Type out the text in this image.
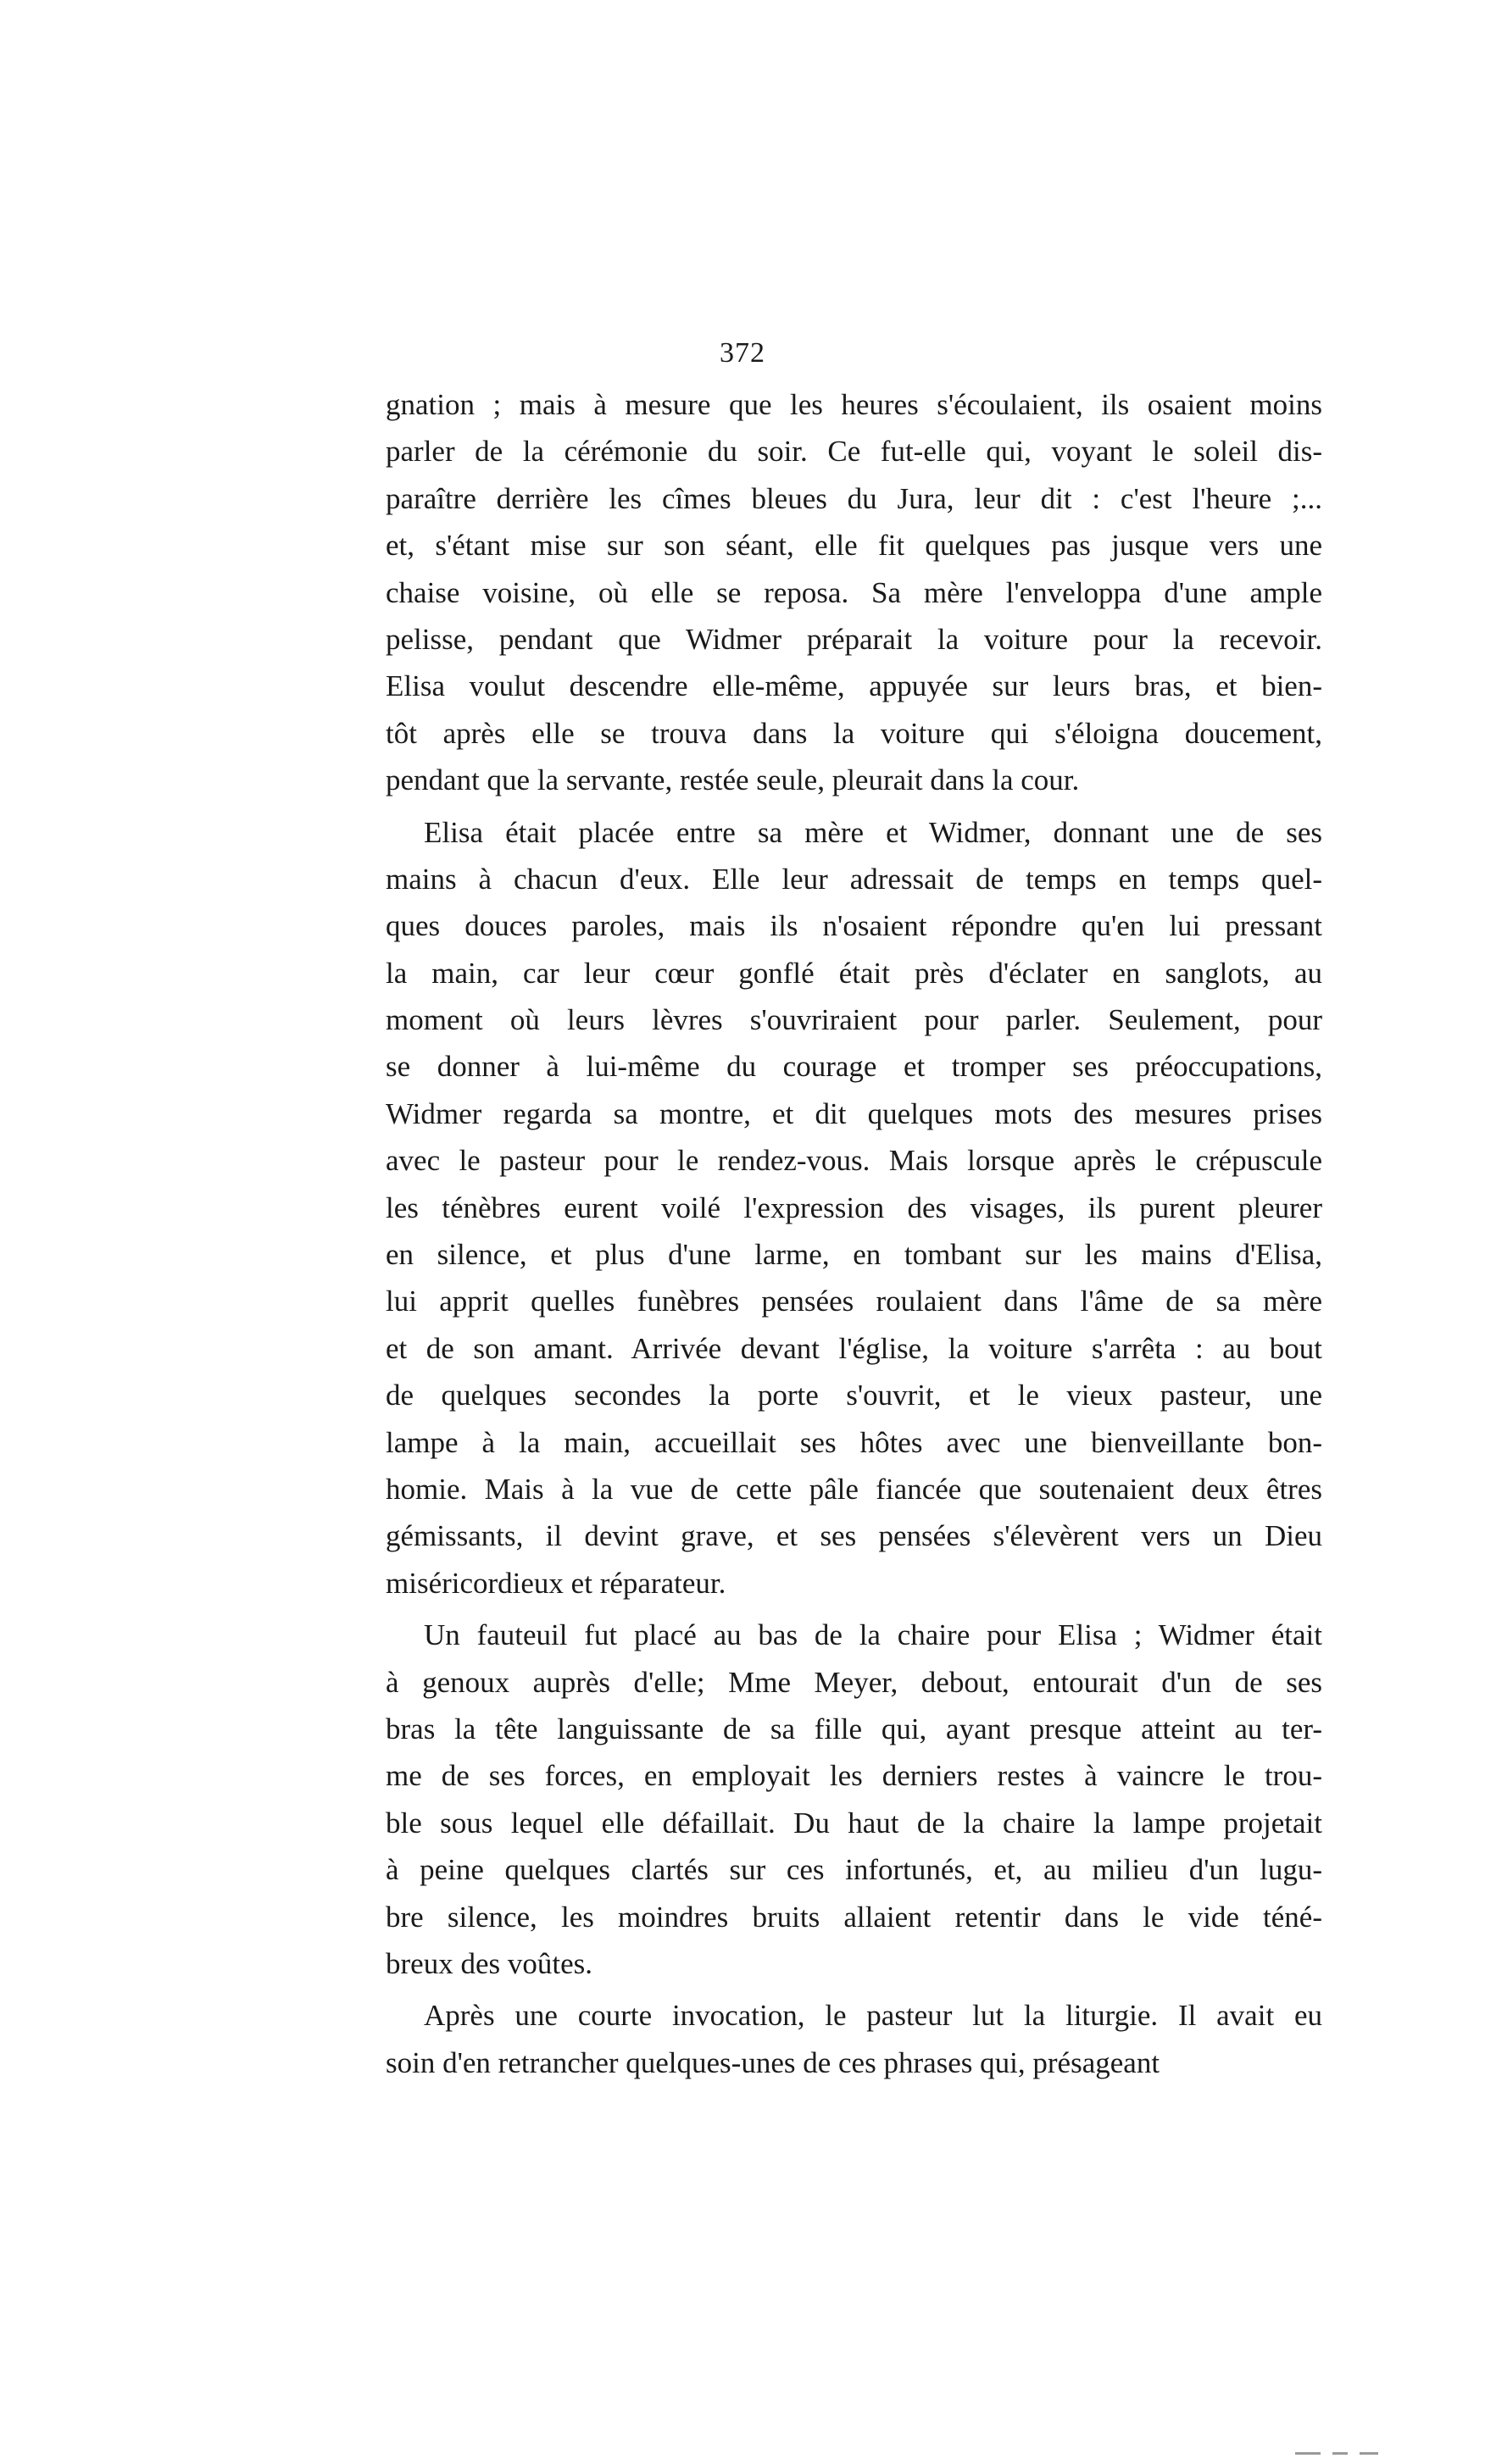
372
gnation ; mais à mesure que les heures s'écoulaient, ils osaient moins
parler de la cérémonie du soir. Ce fut-elle qui, voyant le soleil dis-
paraître derrière les cîmes bleues du Jura, leur dit : c'est l'heure ;...
et, s'étant mise sur son séant, elle fit quelques pas jusque vers une
chaise voisine, où elle se reposa. Sa mère l'enveloppa d'une ample
pelisse, pendant que Widmer préparait la voiture pour la recevoir.
Elisa voulut descendre elle-même, appuyée sur leurs bras, et bien-
tôt après elle se trouva dans la voiture qui s'éloigna doucement,
pendant que la servante, restée seule, pleurait dans la cour.
Elisa était placée entre sa mère et Widmer, donnant une de ses
mains à chacun d'eux. Elle leur adressait de temps en temps quel-
ques douces paroles, mais ils n'osaient répondre qu'en lui pressant
la main, car leur cœur gonflé était près d'éclater en sanglots, au
moment où leurs lèvres s'ouvriraient pour parler. Seulement, pour
se donner à lui-même du courage et tromper ses préoccupations,
Widmer regarda sa montre, et dit quelques mots des mesures prises
avec le pasteur pour le rendez-vous. Mais lorsque après le crépuscule
les ténèbres eurent voilé l'expression des visages, ils purent pleurer
en silence, et plus d'une larme, en tombant sur les mains d'Elisa,
lui apprit quelles funèbres pensées roulaient dans l'âme de sa mère
et de son amant. Arrivée devant l'église, la voiture s'arrêta : au bout
de quelques secondes la porte s'ouvrit, et le vieux pasteur, une
lampe à la main, accueillait ses hôtes avec une bienveillante bon-
homie. Mais à la vue de cette pâle fiancée que soutenaient deux êtres
gémissants, il devint grave, et ses pensées s'élevèrent vers un Dieu
miséricordieux et réparateur.
Un fauteuil fut placé au bas de la chaire pour Elisa ; Widmer était
à genoux auprès d'elle; Mme Meyer, debout, entourait d'un de ses
bras la tête languissante de sa fille qui, ayant presque atteint au ter-
me de ses forces, en employait les derniers restes à vaincre le trou-
ble sous lequel elle défaillait. Du haut de la chaire la lampe projetait
à peine quelques clartés sur ces infortunés, et, au milieu d'un lugu-
bre silence, les moindres bruits allaient retentir dans le vide téné-
breux des voûtes.
Après une courte invocation, le pasteur lut la liturgie. Il avait eu
soin d'en retrancher quelques-unes de ces phrases qui, présageant
